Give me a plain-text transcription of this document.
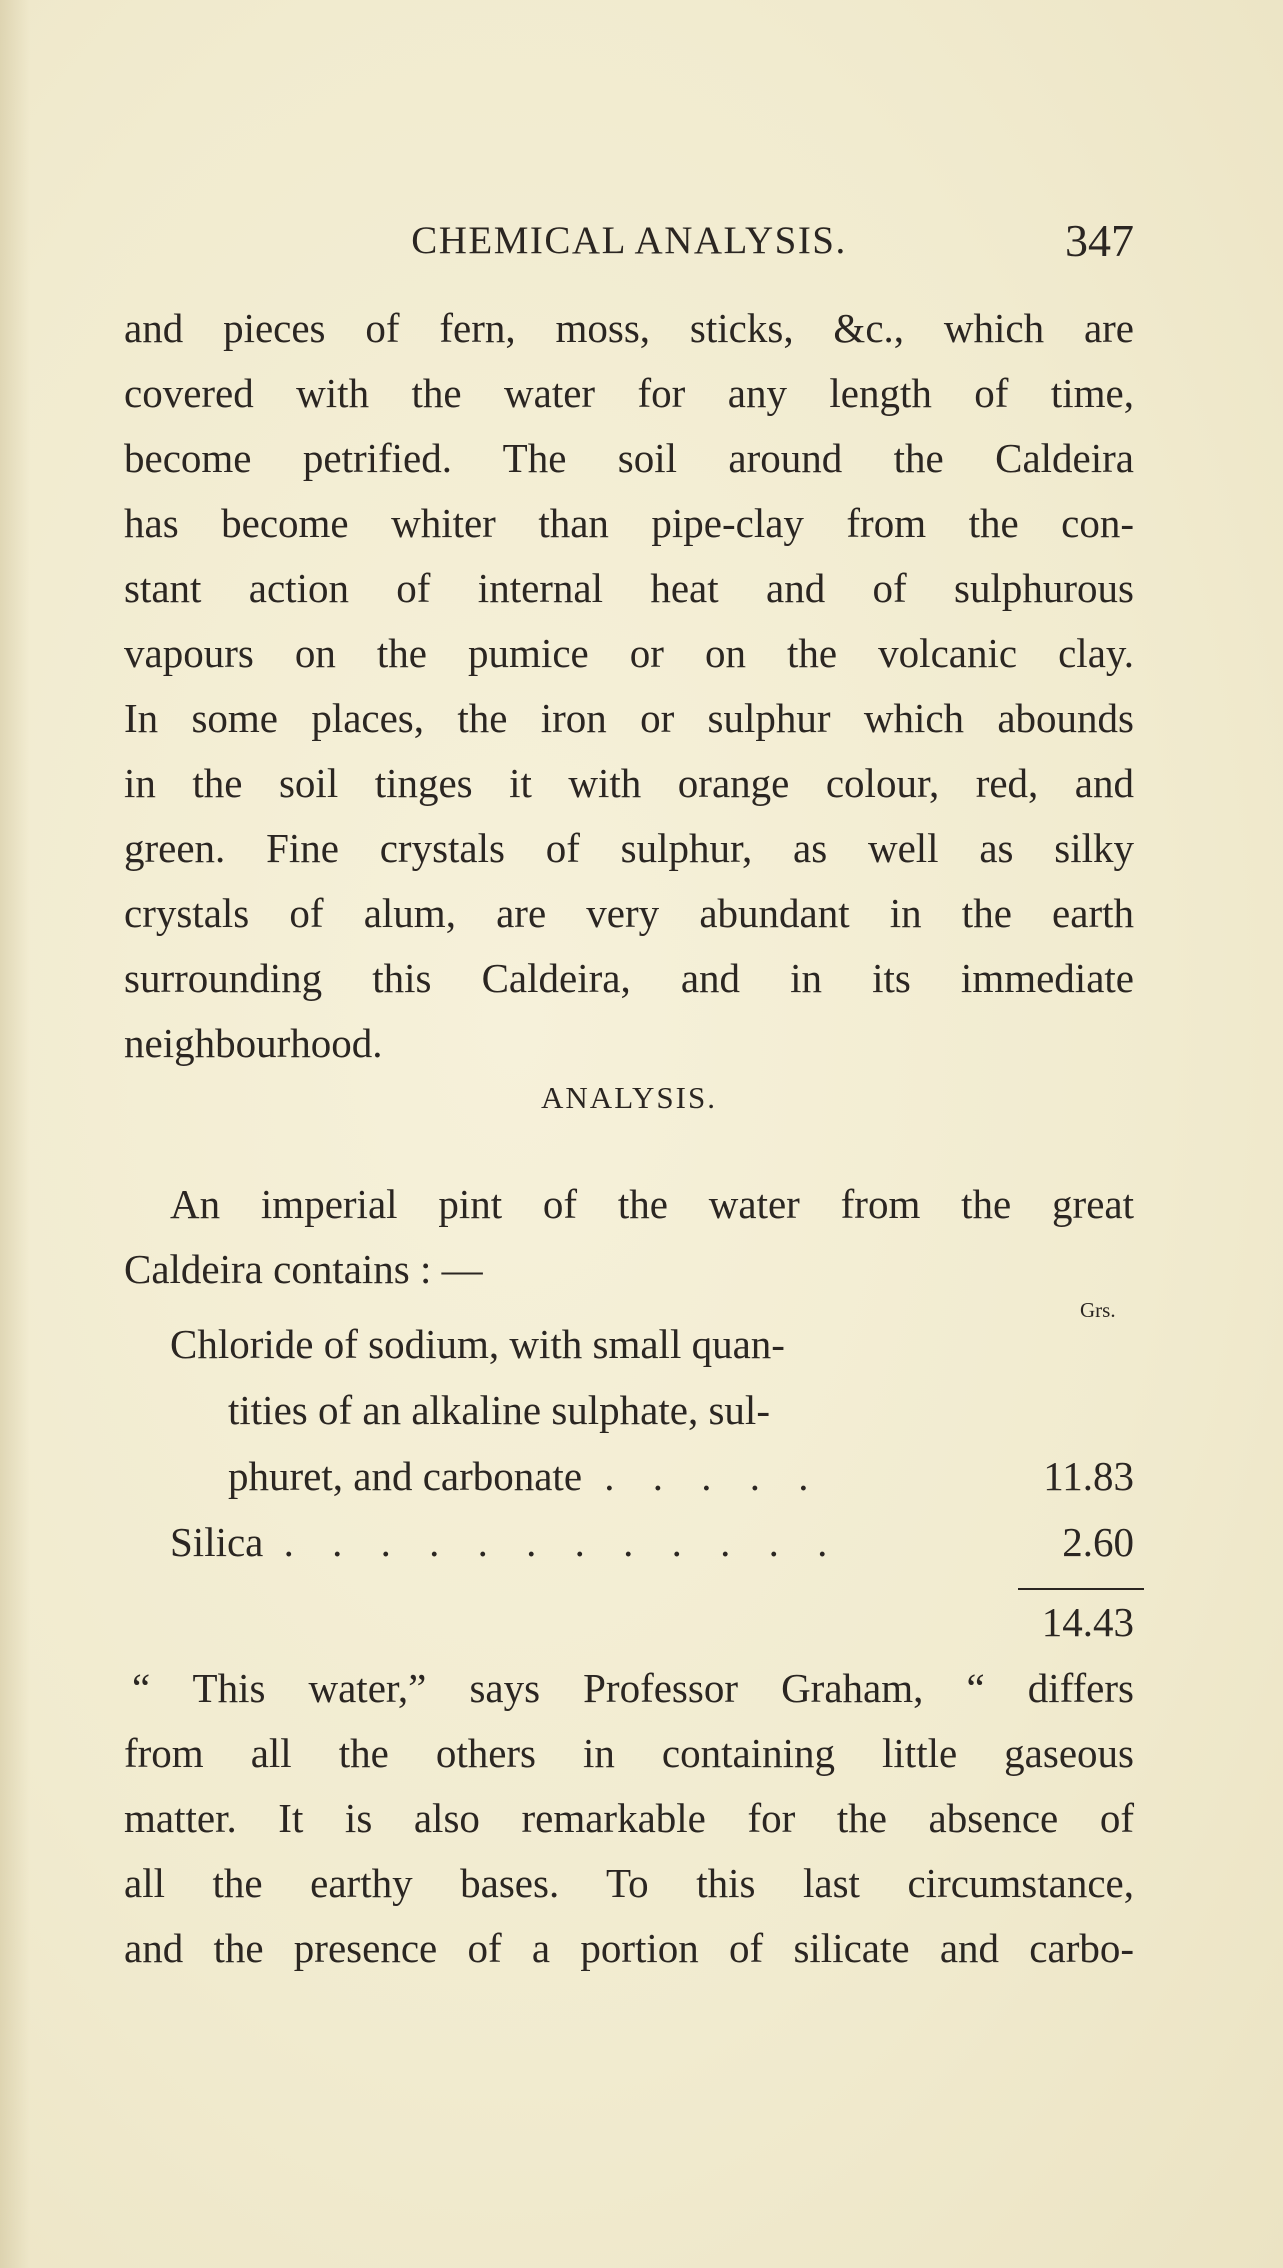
CHEMICAL ANALYSIS.	347
and pieces of fern, moss, sticks, &c., which are
covered with the water for any length of time,
become petrified. The soil around the Caldeira
has become whiter than pipe-clay from the con-
stant action of internal heat and of sulphurous
vapours on the pumice or on the volcanic clay.
In some places, the iron or sulphur which abounds
in the soil tinges it with orange colour, red, and
green. Fine crystals of sulphur, as well as silky
crystals of alum, are very abundant in the earth
surrounding this Caldeira, and in its immediate
neighbourhood.
ANALYSIS.
An imperial pint of the water from the great
Caldeira contains : —
Grs.
Chloride of sodium, with small quan-
tities of an alkaline sulphate, sul-
phuret, and carbonate . . . . .	11.83
Silica . . . . . . . . . . . .	2.60
14.43
“ This water,” says Professor Graham, “ differs
from all the others in containing little gaseous
matter. It is also remarkable for the absence of
all the earthy bases. To this last circumstance,
and the presence of a portion of silicate and carbo-
